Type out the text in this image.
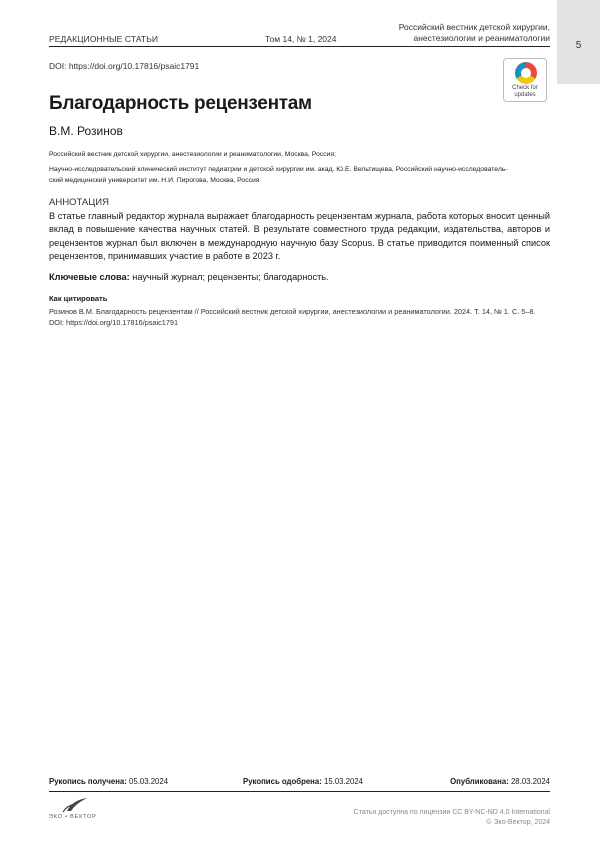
5
РЕДАКЦИОННЫЕ СТАТЬИ	Том 14, № 1, 2024
Российский вестник детской хирургии,
анестезиологии и реаниматологии
DOI: https://doi.org/10.17816/psaic1791
Check for
updates
Благодарность рецензентам
В.М. Розинов
Российский вестник детской хирургии, анестезиологии и реаниматологии, Москва, Россия;
Научно-исследовательский клинический институт педиатрии и детской хирургии им. акад. Ю.Е. Вельтищева, Российский научно-исследователь-
ский медицинский университет им. Н.И. Пирогова, Москва, Россия
АННОТАЦИЯ

В статье главный редактор журнала выражает благодарность рецензентам журнала, работа которых вносит ценный вклад в повышение качества научных статей. В результате совместного труда редакции, издательства, авторов и рецензентов журнал был включен в международную научную базу Scopus. В статье приводится поименный список рецензентов, принимавших участие в работе в 2023 г.

Ключевые слова: научный журнал; рецензенты; благодарность.
Как цитировать
Розинов В.М. Благодарность рецензентам // Российский вестник детской хирургии, анестезиологии и реаниматологии. 2024. Т. 14, № 1. С. 5–8.
DOI: https://doi.org/10.17816/psaic1791
Рукопись получена: 05.03.2024	Рукопись одобрена: 15.03.2024	Опубликована: 28.03.2024
ЭКО • ВЕКТОР
Статья доступна по лицензии CC BY-NC-ND 4.0 International
© Эко-Вектор, 2024
